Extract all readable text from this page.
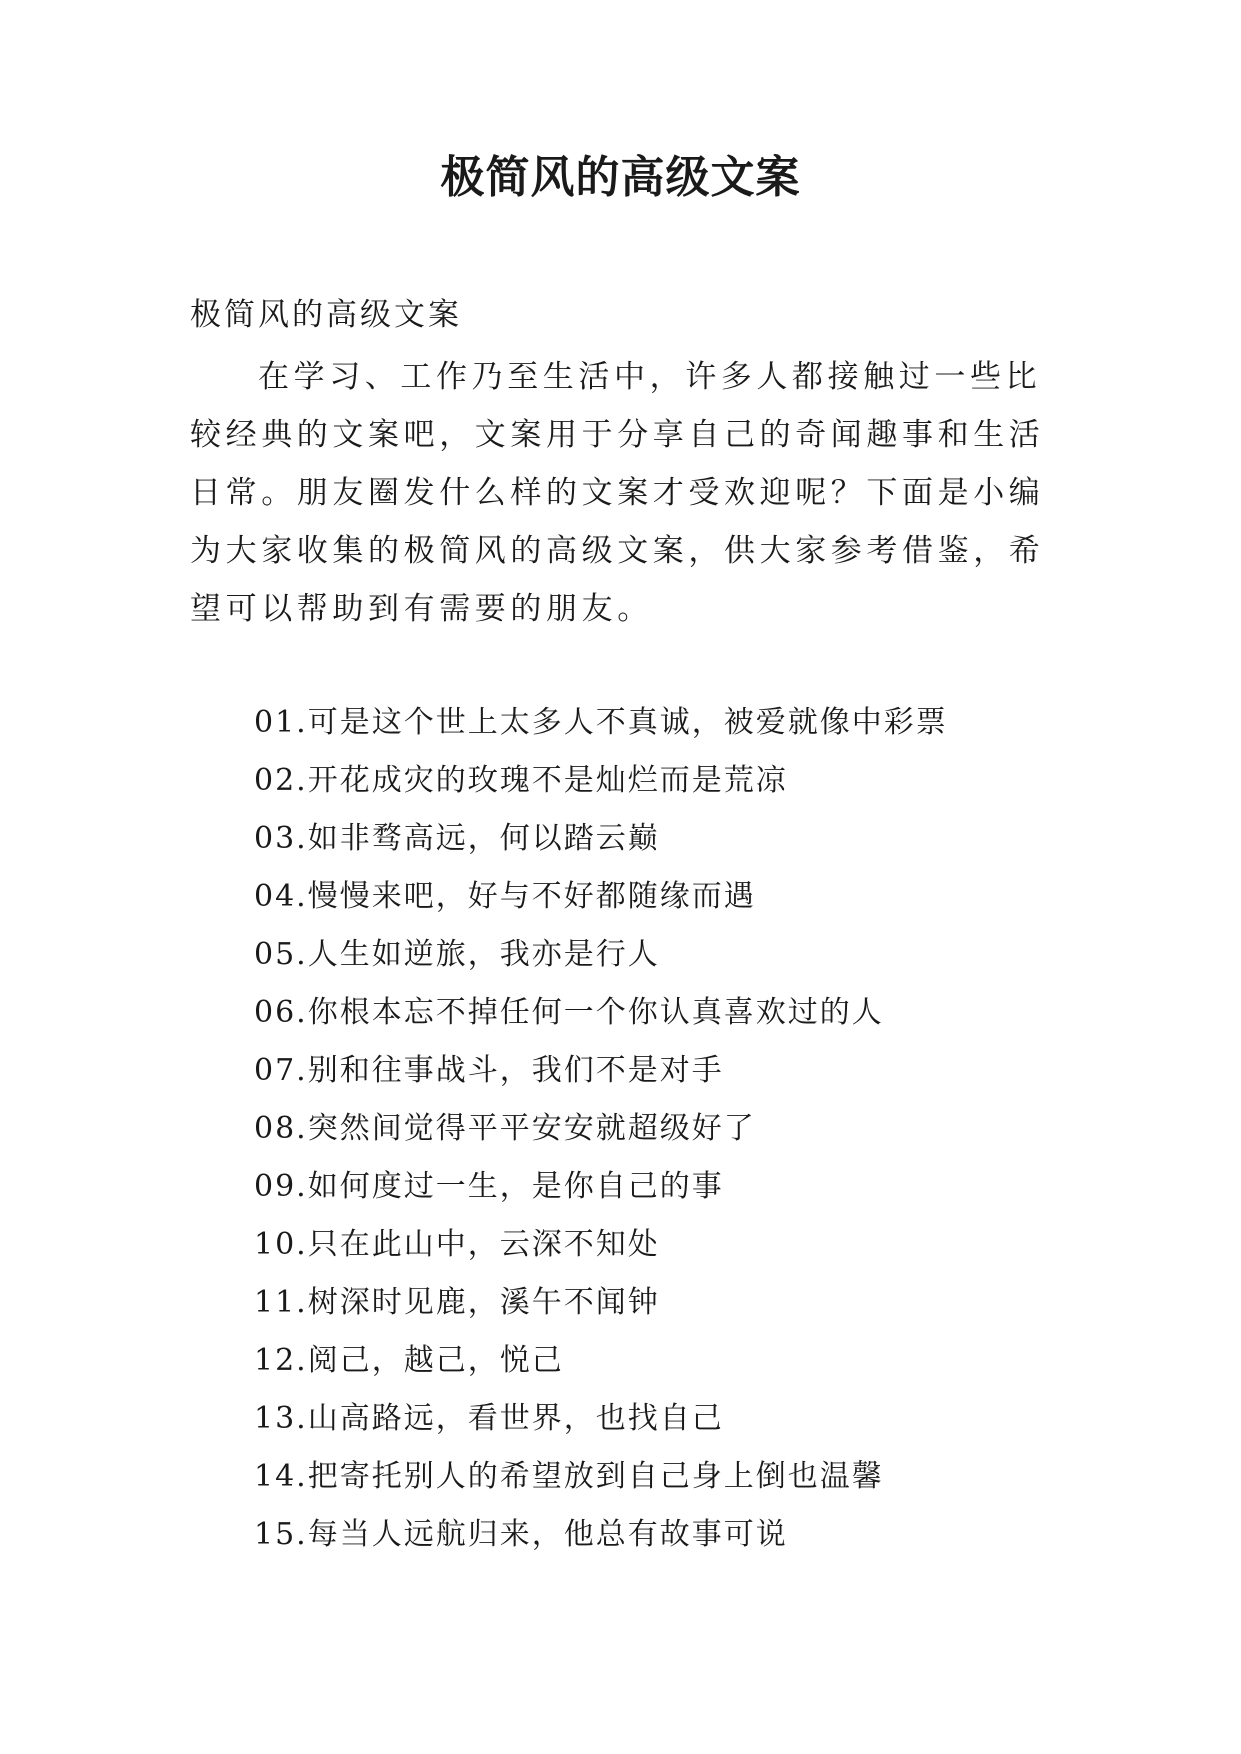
极简风的高级文案

极简风的高级文案

在学习、工作乃至生活中，许多人都接触过一些比较经典的文案吧，文案用于分享自己的奇闻趣事和生活日常。朋友圈发什么样的文案才受欢迎呢？下面是小编为大家收集的极简风的高级文案，供大家参考借鉴，希望可以帮助到有需要的朋友。

01.可是这个世上太多人不真诚，被爱就像中彩票
02.开花成灾的玫瑰不是灿烂而是荒凉
03.如非骛高远，何以踏云巅
04.慢慢来吧，好与不好都随缘而遇
05.人生如逆旅，我亦是行人
06.你根本忘不掉任何一个你认真喜欢过的人
07.别和往事战斗，我们不是对手
08.突然间觉得平平安安就超级好了
09.如何度过一生，是你自己的事
10.只在此山中，云深不知处
11.树深时见鹿，溪午不闻钟
12.阅己，越己，悦己
13.山高路远，看世界，也找自己
14.把寄托别人的希望放到自己身上倒也温馨
15.每当人远航归来，他总有故事可说
